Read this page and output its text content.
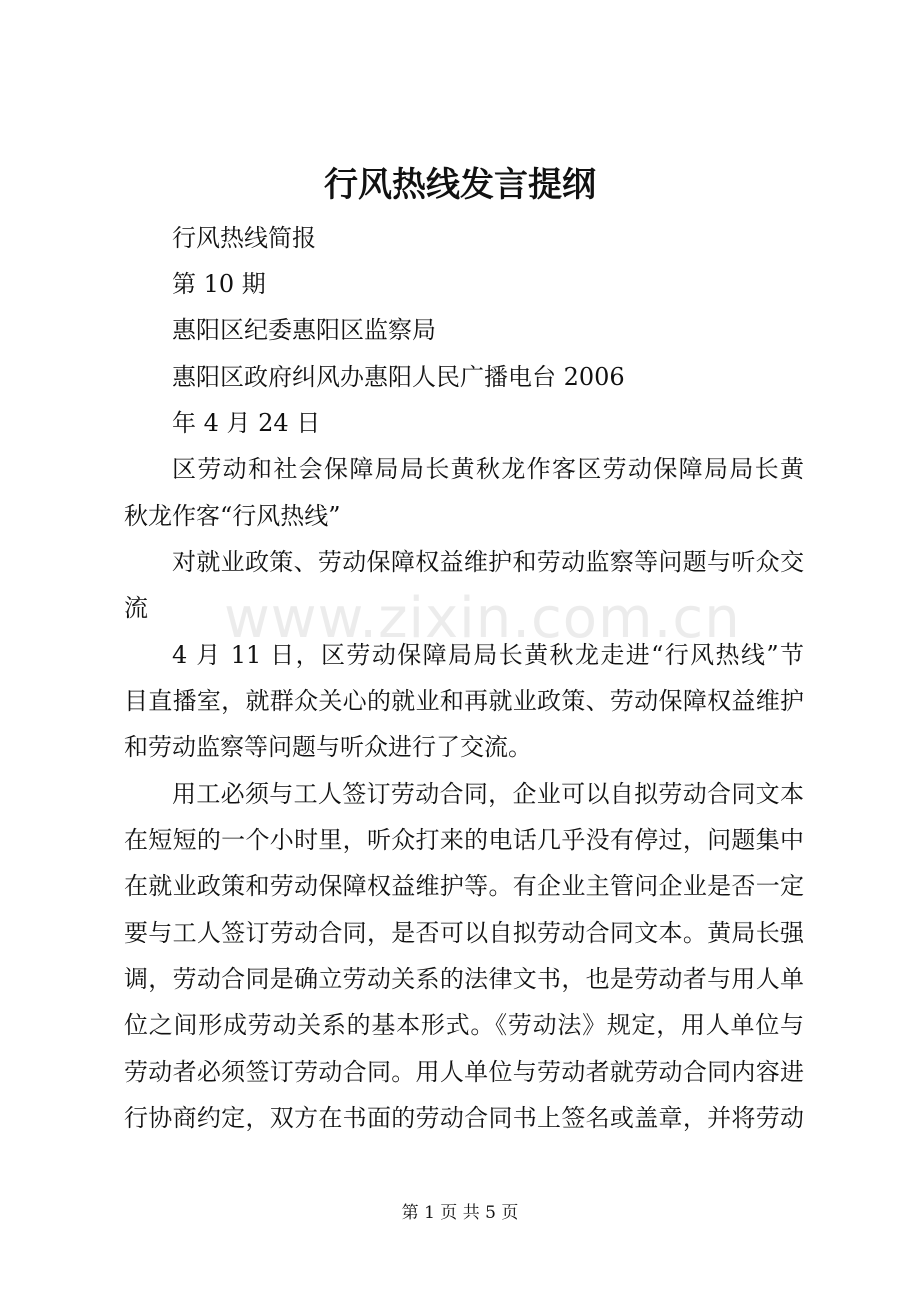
www.zixin.com.cn
行风热线发言提纲
行风热线简报
第 10 期
惠阳区纪委惠阳区监察局
惠阳区政府纠风办惠阳人民广播电台 2006
年 4 月 24 日
区劳动和社会保障局局长黄秋龙作客区劳动保障局局长黄
秋龙作客“行风热线”
对就业政策、劳动保障权益维护和劳动监察等问题与听众交
流
4 月 11 日，区劳动保障局局长黄秋龙走进“行风热线”节
目直播室，就群众关心的就业和再就业政策、劳动保障权益维护
和劳动监察等问题与听众进行了交流。
用工必须与工人签订劳动合同，企业可以自拟劳动合同文本
在短短的一个小时里，听众打来的电话几乎没有停过，问题集中
在就业政策和劳动保障权益维护等。有企业主管问企业是否一定
要与工人签订劳动合同，是否可以自拟劳动合同文本。黄局长强
调，劳动合同是确立劳动关系的法律文书，也是劳动者与用人单
位之间形成劳动关系的基本形式。《劳动法》规定，用人单位与
劳动者必须签订劳动合同。用人单位与劳动者就劳动合同内容进
行协商约定，双方在书面的劳动合同书上签名或盖章，并将劳动
第 1 页 共 5 页
